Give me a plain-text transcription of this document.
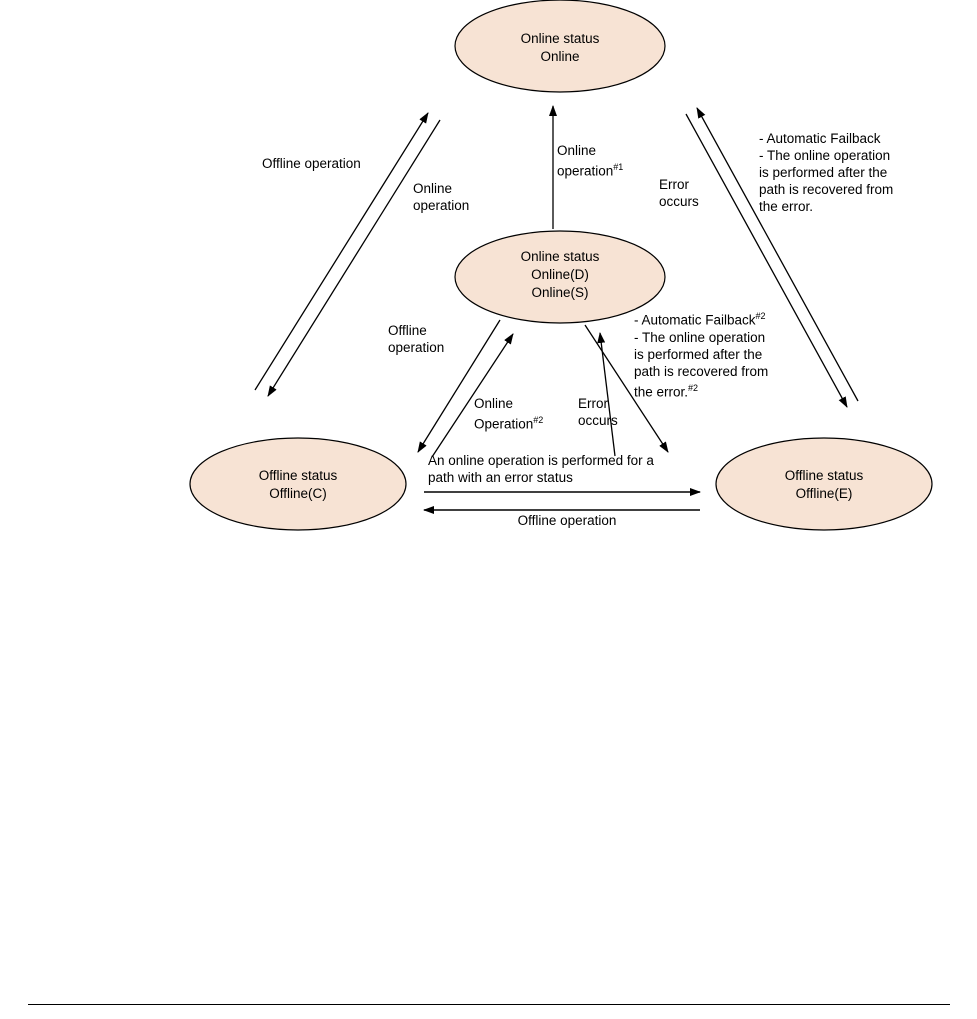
Online status
Online
Online status
Online(D)
Online(S)
Offline status
Offline(C)
Offline status
Offline(E)
Offline operation
Online
operation
Online
operation$^{\#1}$
Error
occurs
- Automatic Failback
- The online operation
is performed after the
path is recovered from
the error.
Offline
operation
Online
Operation$^{\#2}$
Error
occurs
- Automatic Failback$^{\#2}$
- The online operation
is performed after the
path is recovered from
the error.$^{\#2}$
An online operation is performed for a
path with an error status
Offline operation
